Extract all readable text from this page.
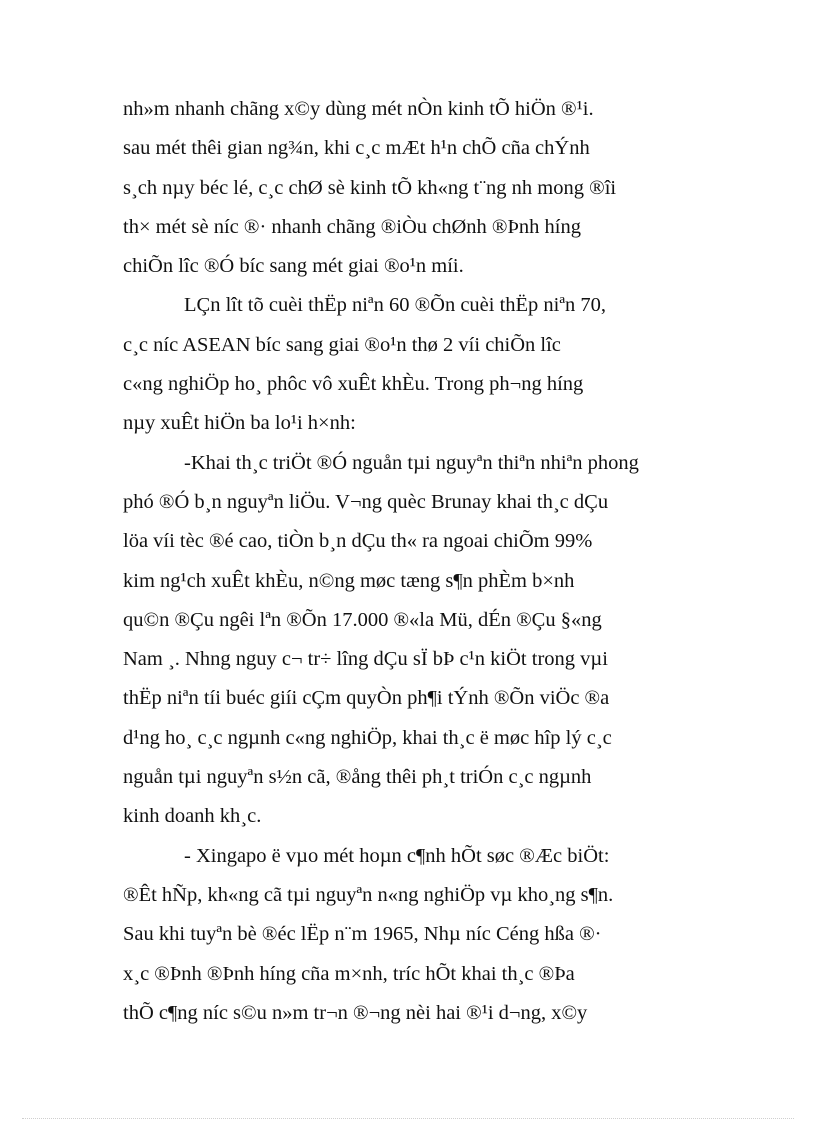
nh»m nhanh chãng x©y dùng mét nÒn kinh tÕ hiÖn ®¹i.
sau mét thêi gian ng¾n, khi c¸c mÆt h¹n chÕ cña chÝnh
s¸ch nµy béc lé, c¸c chØ sè kinh tÕ kh«ng t¨ng nh mong ®îi
th× mét sè níc ®· nhanh chãng ®iÒu chØnh ®Þnh híng
chiÕn lîc ®Ó bíc sang mét giai ®o¹n míi.
LÇn lît tõ cuèi thËp niªn 60 ®Õn cuèi thËp niªn 70,
c¸c níc ASEAN bíc sang giai ®o¹n thø 2 víi chiÕn lîc
c«ng nghiÖp ho¸ phôc vô xuÊt khÈu. Trong ph¬ng híng
nµy xuÊt hiÖn ba lo¹i h×nh:
-Khai th¸c triÖt ®Ó nguån tµi nguyªn thiªn nhiªn phong
phó ®Ó b¸n nguyªn liÖu. V¬ng quèc Brunay khai th¸c dÇu
löa víi tèc ®é cao, tiÒn b¸n dÇu th« ra ngoai chiÕm 99%
kim ng¹ch xuÊt khÈu, n©ng møc tæng s¶n phÈm b×nh
qu©n ®Çu ngêi lªn ®Õn 17.000 ®«la Mü, dÉn ®Çu §«ng
Nam ¸. Nhng nguy c¬ tr÷ lîng dÇu sÏ bÞ c¹n kiÖt trong vµi
thËp niªn tíi buéc giíi cÇm quyÒn ph¶i tÝnh ®Õn viÖc ®a
d¹ng ho¸ c¸c ngµnh c«ng nghiÖp, khai th¸c ë møc hîp lý c¸c
nguån tµi nguyªn s½n cã, ®ång thêi ph¸t triÓn c¸c ngµnh
kinh doanh kh¸c.
- Xingapo ë vµo mét hoµn c¶nh hÕt søc ®Æc biÖt:
®Êt hÑp, kh«ng cã tµi nguyªn n«ng nghiÖp vµ kho¸ng s¶n.
Sau khi tuyªn bè ®éc lËp n¨m 1965, Nhµ níc Céng hßa ®·
x¸c ®Þnh ®Þnh híng cña m×nh, tríc hÕt khai th¸c ®Þa
thÕ c¶ng níc s©u n»m tr¬n ®¬ng nèi hai ®¹i d¬ng, x©y
